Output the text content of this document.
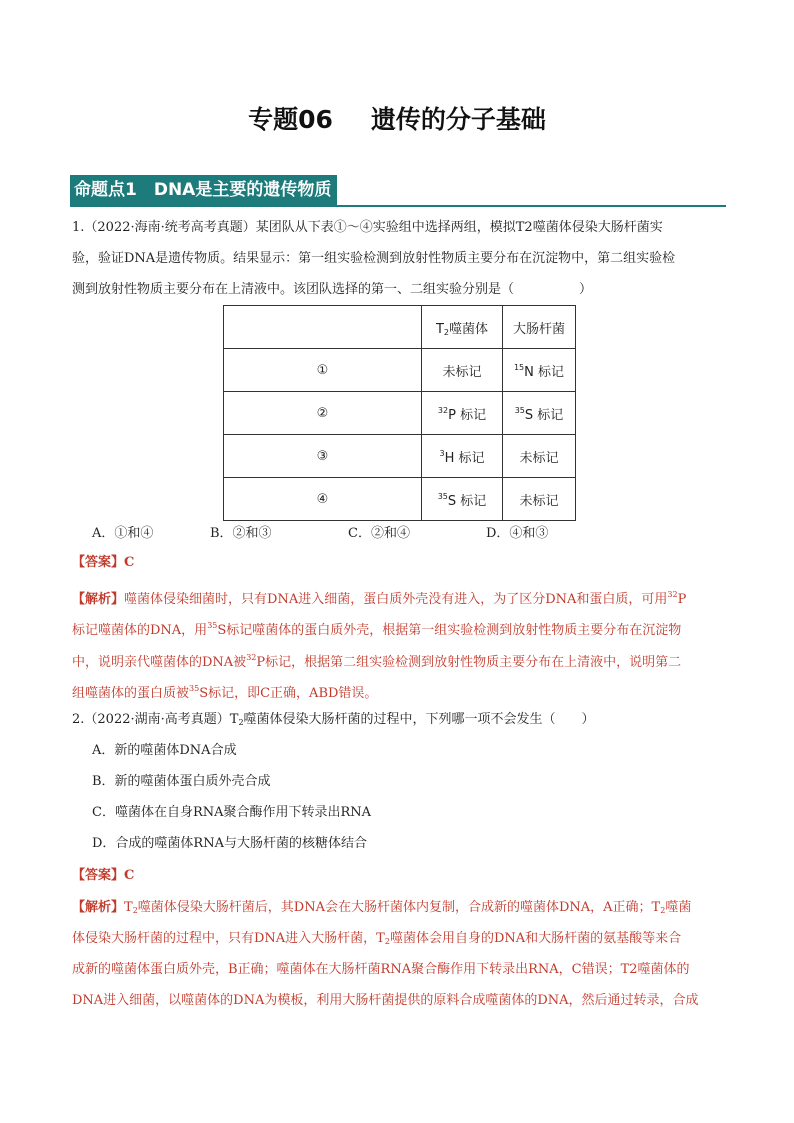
专题06 遗传的分子基础
命题点1　DNA是主要的遗传物质
1.（2022·海南·统考高考真题）某团队从下表①～④实验组中选择两组，模拟T2噬菌体侵染大肠杆菌实
验，验证DNA是遗传物质。结果显示：第一组实验检测到放射性物质主要分布在沉淀物中，第二组实验检
测到放射性物质主要分布在上清液中。该团队选择的第一、二组实验分别是（　　　　　）
	$T_2$噬菌体	大肠杆菌
①	未标记	$^{15}$N 标记
②	$^{32}$P 标记	$^{35}$S 标记
③	$^3$H 标记	未标记
④	$^{35}$S 标记	未标记
A．①和④	B．②和③	C．②和④	D．④和③
【答案】C
【解析】噬菌体侵染细菌时，只有DNA进入细菌，蛋白质外壳没有进入，为了区分DNA和蛋白质，可用$^{32}$P
标记噬菌体的DNA，用$^{35}$S标记噬菌体的蛋白质外壳，根据第一组实验检测到放射性物质主要分布在沉淀物
中，说明亲代噬菌体的DNA被$^{32}$P标记，根据第二组实验检测到放射性物质主要分布在上清液中，说明第二
组噬菌体的蛋白质被$^{35}$S标记，即C正确，ABD错误。
2.（2022·湖南·高考真题）$T_2$噬菌体侵染大肠杆菌的过程中，下列哪一项不会发生（　　）
A．新的噬菌体DNA合成
B．新的噬菌体蛋白质外壳合成
C．噬菌体在自身RNA聚合酶作用下转录出RNA
D．合成的噬菌体RNA与大肠杆菌的核糖体结合
【答案】C
【解析】$T_2$噬菌体侵染大肠杆菌后，其DNA会在大肠杆菌体内复制，合成新的噬菌体DNA，A正确；$T_2$噬菌
体侵染大肠杆菌的过程中，只有DNA进入大肠杆菌，$T_2$噬菌体会用自身的DNA和大肠杆菌的氨基酸等来合
成新的噬菌体蛋白质外壳，B正确；噬菌体在大肠杆菌RNA聚合酶作用下转录出RNA，C错误；T2噬菌体的
DNA进入细菌，以噬菌体的DNA为模板，利用大肠杆菌提供的原料合成噬菌体的DNA，然后通过转录，合成
